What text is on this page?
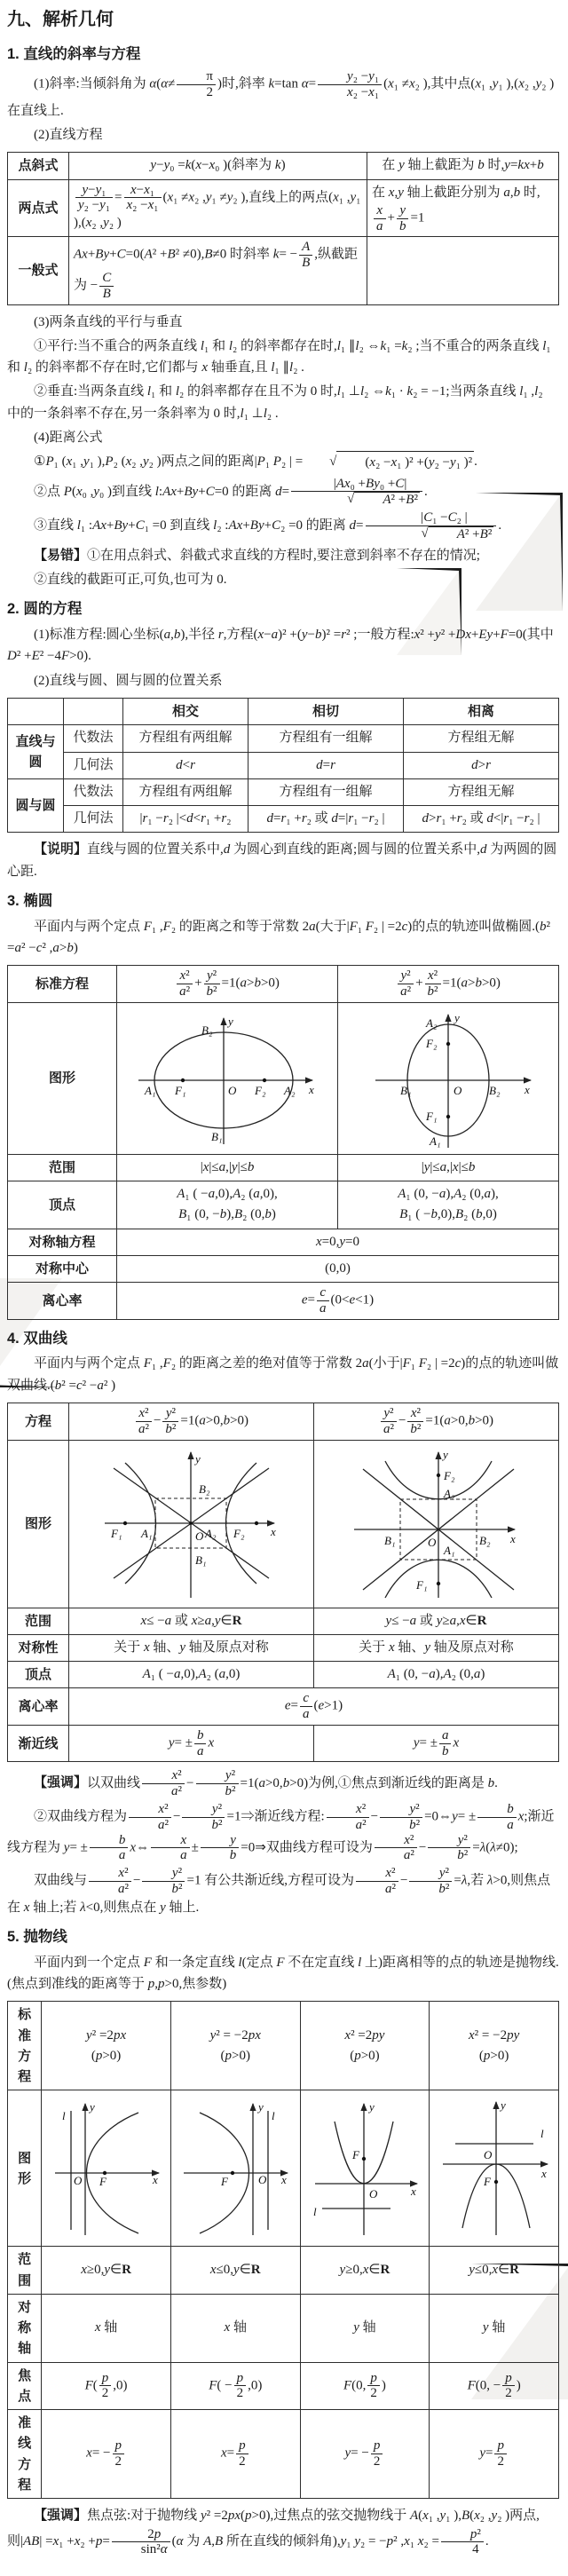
九、解析几何
1. 直线的斜率与方程

(1)斜率:当倾斜角为 $\alpha(\alpha\ne \frac{\pi}{2}$ )时,斜率 k=tan $\alpha= \frac{\text{y₂ −y₁}}{\text{x₂ −x₁}} (x_1 \ne x_2$ ),其中点(x₁ ,y₁ ),(x₂ ,y₂ )在直线上.

(2)直线方程

点斜式	y−y₀ =k(x−x₀ )(斜率为 k)	在 y 轴上截距为 b 时,y=kx+b
两点式	$\frac{\text{y−y₁}}{\text{y₂ −y₁}} = \frac{\text{x−x₁}}{\text{x₂ −x₁}} (x_1 \ne x_2$ ,y₁ ≠y₂ ),直线上的两点(x₁ ,y₁ ),(x₂ ,y₂ )	在 x,y 轴上截距分别为 a,b 时,
$\frac{x}{a} + \frac{y}{b} =1$
一般式	Ax+By+C=0(A² +B² ≠0),B≠0 时斜率 $k= - \frac{A}{B}$ ,纵截距为 − $\frac{C}{B}$

(3)两条直线的平行与垂直

①平行:当不重合的两条直线 l₁ 和 l₂ 的斜率都存在时,l₁ ∥l₂ ⇔k₁ =k₂ ;当不重合的两条直线 l₁ 和 l₂ 的斜率都不存在时,它们都与 x 轴垂直,且 l₁ ∥l₂ .

②垂直:当两条直线 l₁ 和 l₂ 的斜率都存在且不为 0 时,l₁ ⊥l₂ ⇔k₁ · k₂ = −1;当两条直线 l₁ ,l₂ 中的一条斜率不存在,另一条斜率为 0 时,l₁ ⊥l₂ .

(4)距离公式

①P₁ (x₁ ,y₁ ),P₂ (x₂ ,y₂ )两点之间的距离|P₁ P₂ | =	√	(x₂ −x₁ )² +(y₂ −y₁ )² .

②点 P(x₀ ,y₀ )到直线 l:Ax+By+C=0 的距离 d= |Ax₀ +By₀ +C|
√	A² +B² .

③直线 l₁ :Ax+By+C₁ =0 到直线 l₂ :Ax+By+C₂ =0 的距离 d= |C₁ −C₂ |
√	A² +B² .

【易错】①在用点斜式、斜截式求直线的方程时,要注意到斜率不存在的情况;

②直线的截距可正,可负,也可为 0.

2. 圆的方程

(1)标准方程:圆心坐标(a,b),半径 r,方程(x−a)² +(y−b)² =r² ;一般方程:x² +y² +Dx+Ey+F=0(其中 D² +E² −4F>0).

(2)直线与圆、圆与圆的位置关系

		相交	相切	相离
直线与圆	代数法	方程组有两组解	方程组有一组解	方程组无解
	几何法	d<r	d=r	d>r
圆与圆	代数法	方程组有两组解	方程组有一组解	方程组无解
	几何法	|r₁ −r₂ |<d<r₁ +r₂	d=r₁ +r₂ 或 d=|r₁ −r₂ |	d>r₁ +r₂ 或 d<|r₁ −r₂ |

【说明】直线与圆的位置关系中,d 为圆心到直线的距离;圆与圆的位置关系中,d 为两圆的圆心距.

3. 椭圆

平面内与两个定点 F₁ ,F₂ 的距离之和等于常数 2a(大于|F₁ F₂ | =2c)的点的轨迹叫做椭圆.(b² =a² −c² ,a>b)

标准方程	$\frac{\text{x²}}{\text{a²}} + \frac{\text{y²}}{\text{b²}} =1(a>b>0)$	$\frac{\text{y²}}{\text{a²}} + \frac{\text{x²}}{\text{b²}} =1(a>b>0)$
图形	
y
B₂
A₁ F₁	O F₂ A₂ x
B₁

y
A₂
F₂
B₁	O B₂ x
F₁
A₁

范围	|x|≤a,|y|≤b	|y|≤a,|x|≤b
顶点	
A₁ ( −a,0),A₂ (a,0),
B₁ (0, −b),B₂ (0,b)

A₁ (0, −a),A₂ (0,a),
B₁ ( −b,0),B₂ (b,0)

对称轴方程	x=0,y=0	
对称中心	(0,0)	
离心率	$e= \frac{c}{a} (0<e<1)$	
4. 双曲线

平面内与两个定点 F₁ ,F₂ 的距离之差的绝对值等于常数 2a(小于|F₁ F₂ | =2c)的点的轨迹叫做双曲线.(b² =c² −a² )

方程	$\frac{\text{x²}}{\text{a²}} - \frac{\text{y²}}{\text{b²}} =1(a>0,b>0)$	$\frac{\text{y²}}{\text{a²}} - \frac{\text{x²}}{\text{b²}} =1(a>0,b>0)$
图形	
y
B₂
F₁ A₁	O A₂ F₂ x
B₁

y
F₂
A₂
B₁	O	B₂ x
A₁
F₁

范围	x≤ −a 或 x≥a,y∈R	y≤ −a 或 y≥a,x∈R
对称性	关于 x 轴、y 轴及原点对称	关于 x 轴、y 轴及原点对称
顶点	A₁ ( −a,0),A₂ (a,0)	A₁ (0, −a),A₂ (0,a)
离心率	$e= \frac{c}{a} (e>1)$	
渐近线	$y= \pm \frac{b}{a}$ x	$y= \pm \frac{a}{b}$ x

【强调】以双曲线 $\frac{\text{x²}}{\text{a²}} - \frac{\text{y²}}{\text{b²}} =1(a>0,b>0)$为例,①焦点到渐近线的距离是 b.

②双曲线方程为 $\frac{\text{x²}}{\text{a²}} - \frac{\text{y²}}{\text{b²}}$ =1⇒渐近线方程: $\frac{\text{x²}}{\text{a²}} - \frac{\text{y²}}{\text{b²}}$ =0⇔y= ± $\frac{b}{a} x$;渐近线方程为 $y= \pm \frac{b}{a}$ x⇔ $\frac{x}{a} \pm \frac{y}{b}$ =0⇒双曲线方程可设为 $\frac{\text{x²}}{\text{a²}} - \frac{\text{y²}}{\text{b²}} =\lambda(\lambda\ne 0)$;

双曲线与 $\frac{\text{x²}}{\text{a²}} - \frac{\text{y²}}{\text{b²}} =1$ 有公共渐近线,方程可设为 $\frac{\text{x²}}{\text{a²}} - \frac{\text{y²}}{\text{b²}} =\lambda$,若 λ>0,则焦点在 x 轴上;若 λ<0,则焦点在 y 轴上.

5. 抛物线

平面内到一个定点 F 和一条定直线 l(定点 F 不在定直线 l 上)距离相等的点的轨迹是抛物线.(焦点到准线的距离等于 p,p>0,焦参数)

标准
方程	
y² =2px
(p>0)

y² = −2px
(p>0)

x² =2py
(p>0)

x² = −2py
(p>0)

图形	l
y
O F x	y
l
F O x	y
F
O x
l	y
l
O
F
x

范围	x≥0,y∈R	x≤0,y∈R	y≥0,x∈R	y≤0,x∈R
对称轴	x 轴	x 轴	y 轴	y 轴
焦点	$F( \frac{p}{2} ,0)$	$F( - \frac{p}{2} ,0)$	F(0, $\frac{p}{2}$ )	F(0, − $\frac{p}{2}$ )
准线
方程	$x= - \frac{p}{2}$	$x= \frac{p}{2}$	$y= - \frac{p}{2}$	$y= \frac{p}{2}$

【强调】焦点弦:对于抛物线 y² =2px(p>0),过焦点的弦交抛物线于 A(x₁ ,y₁ ),B(x₂ ,y₂ )两点,则$|AB| =x_1 +x_2 +p= \frac{2p}{\text{sin²α}} (\alpha$ 为 A,B 所在直线的倾斜角),y₁ y₂ = −p² ,x₁ $x_2 = \frac{\text{p²}}{4}$ .
